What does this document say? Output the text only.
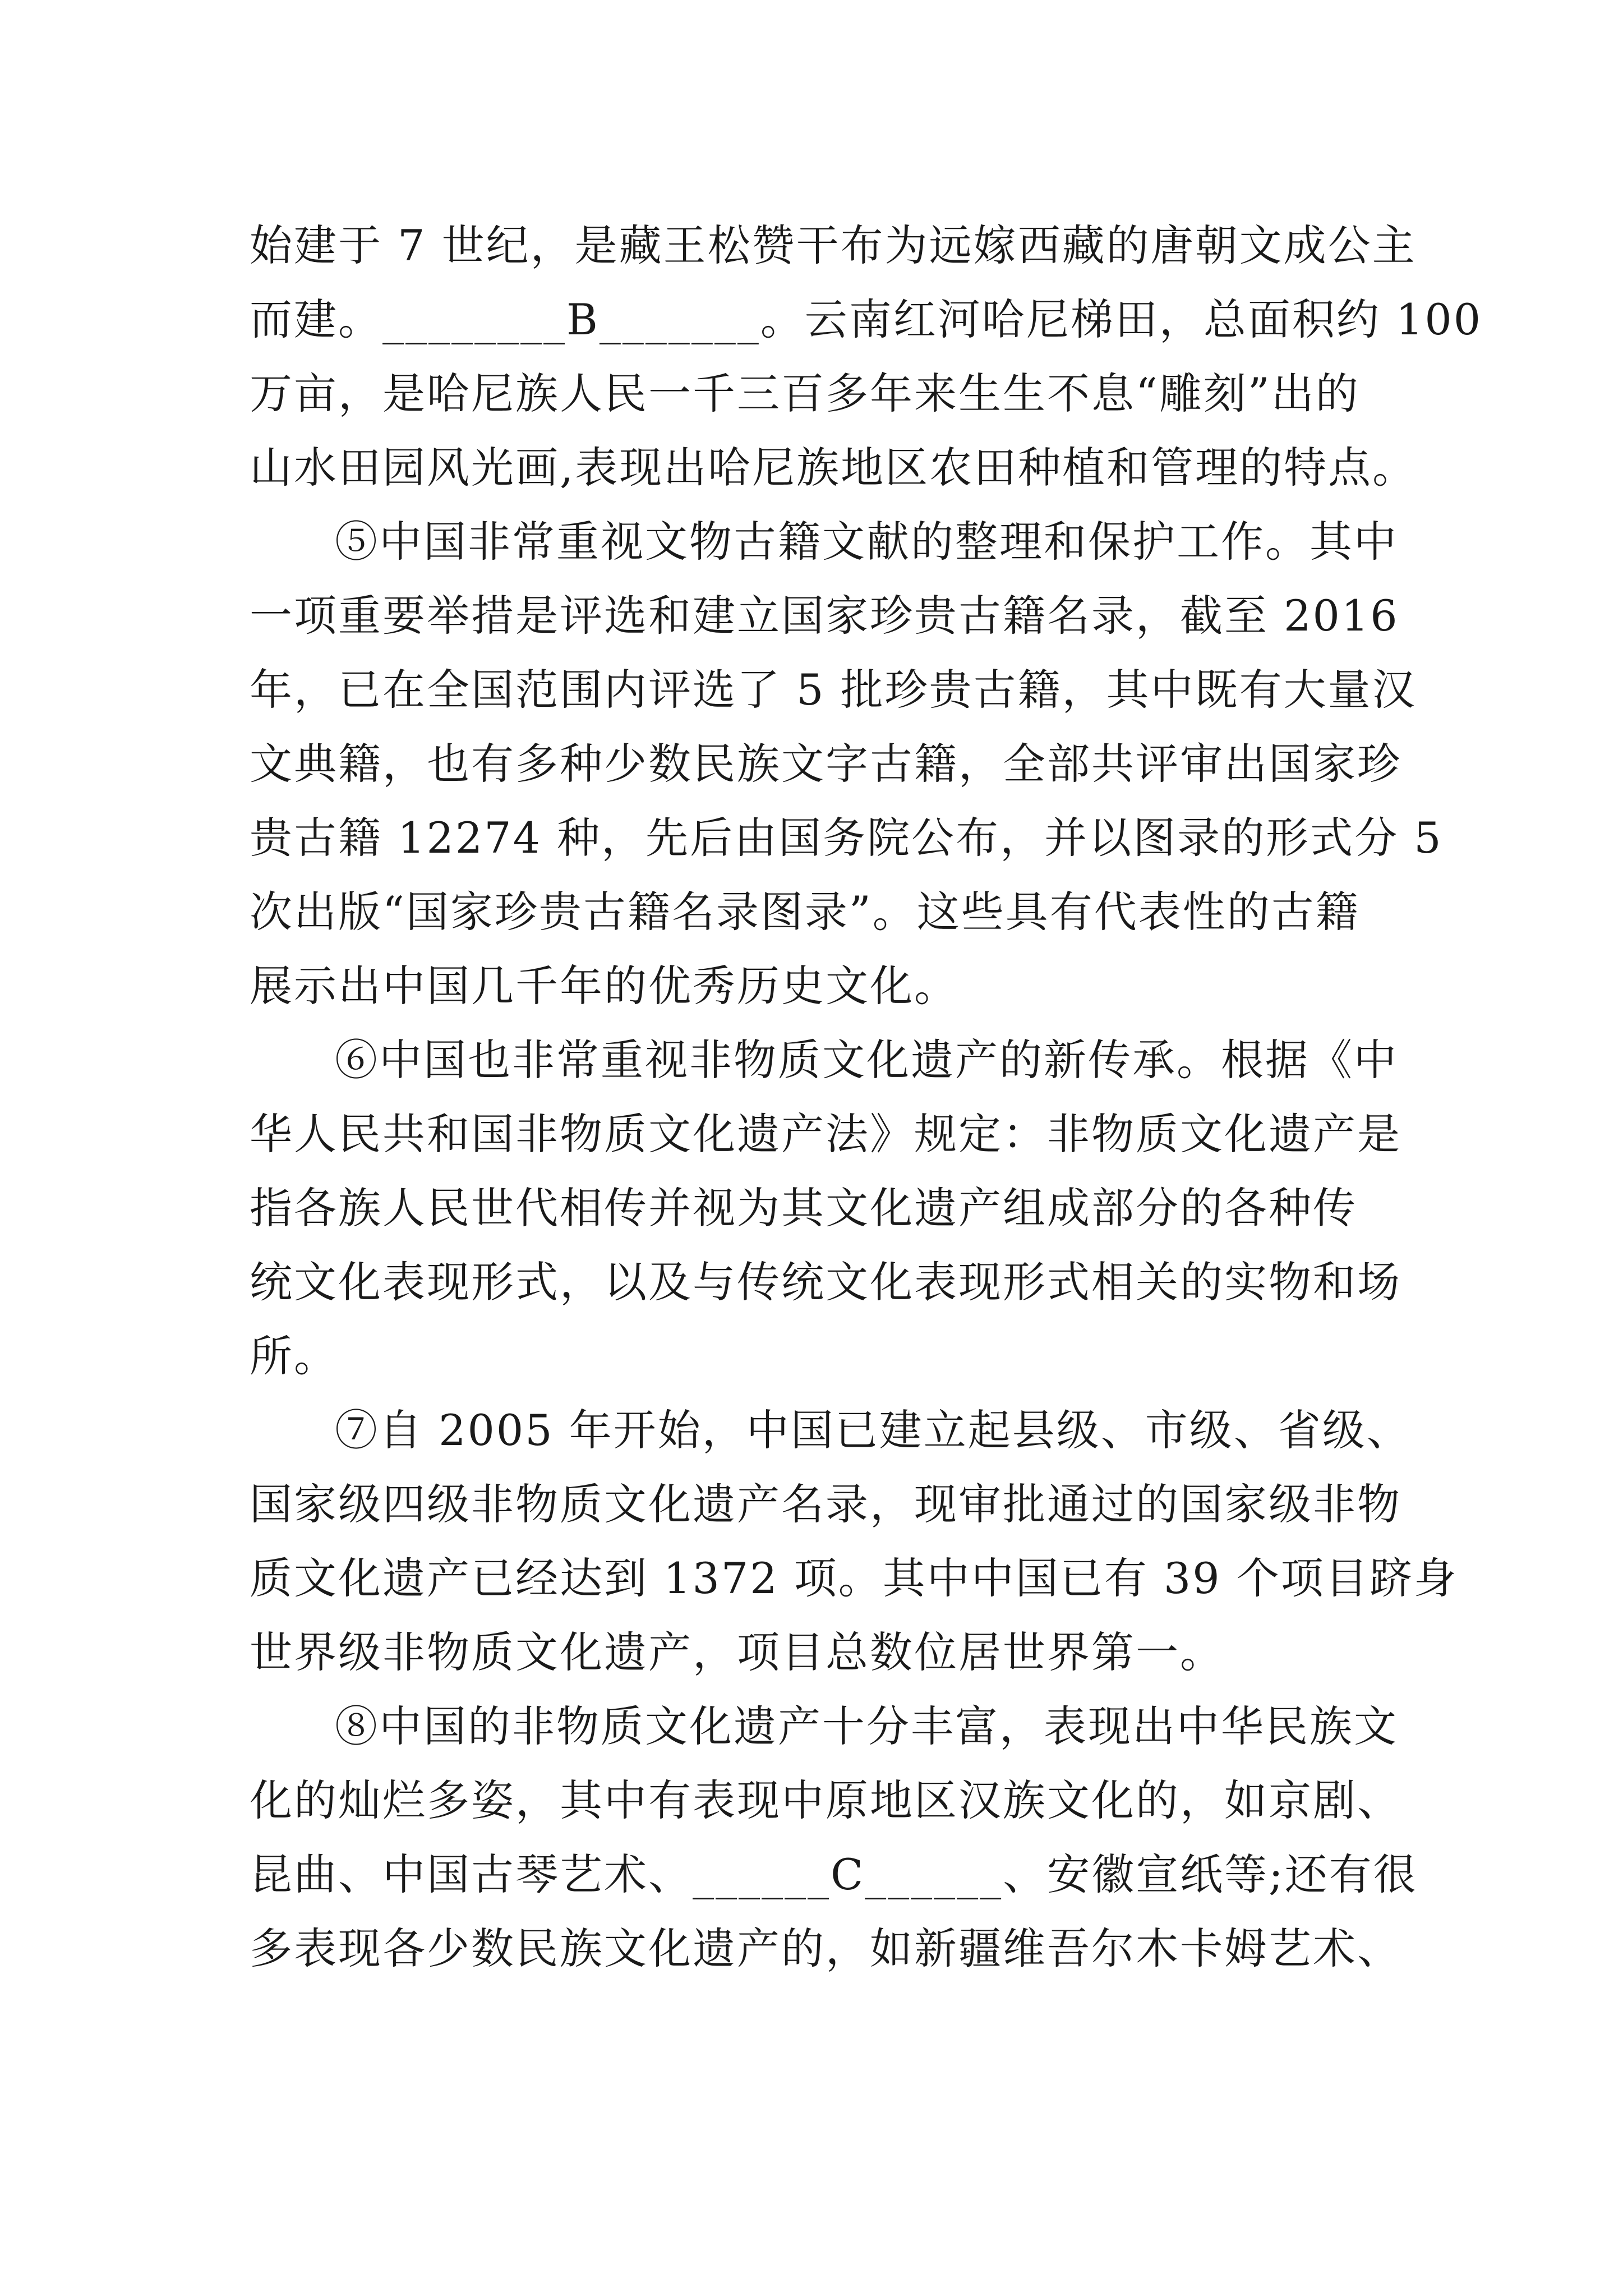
始建于 7 世纪，是藏王松赞干布为远嫁西藏的唐朝文成公主
而建。________B_______。云南红河哈尼梯田，总面积约 100
万亩，是哈尼族人民一千三百多年来生生不息“雕刻”出的
山水田园风光画,表现出哈尼族地区农田种植和管理的特点。
⑤中国非常重视文物古籍文献的整理和保护工作。其中
一项重要举措是评选和建立国家珍贵古籍名录，截至 2016
年，已在全国范围内评选了 5 批珍贵古籍，其中既有大量汉
文典籍，也有多种少数民族文字古籍，全部共评审出国家珍
贵古籍 12274 种，先后由国务院公布，并以图录的形式分 5
次出版“国家珍贵古籍名录图录”。这些具有代表性的古籍
展示出中国几千年的优秀历史文化。
⑥中国也非常重视非物质文化遗产的新传承。根据《中
华人民共和国非物质文化遗产法》规定：非物质文化遗产是
指各族人民世代相传并视为其文化遗产组成部分的各种传
统文化表现形式，以及与传统文化表现形式相关的实物和场
所。
⑦自 2005 年开始，中国已建立起县级、市级、省级、
国家级四级非物质文化遗产名录，现审批通过的国家级非物
质文化遗产已经达到 1372 项。其中中国已有 39 个项目跻身
世界级非物质文化遗产，项目总数位居世界第一。
⑧中国的非物质文化遗产十分丰富，表现出中华民族文
化的灿烂多姿，其中有表现中原地区汉族文化的，如京剧、
昆曲、中国古琴艺术、______C______、安徽宣纸等;还有很
多表现各少数民族文化遗产的，如新疆维吾尔木卡姆艺术、
